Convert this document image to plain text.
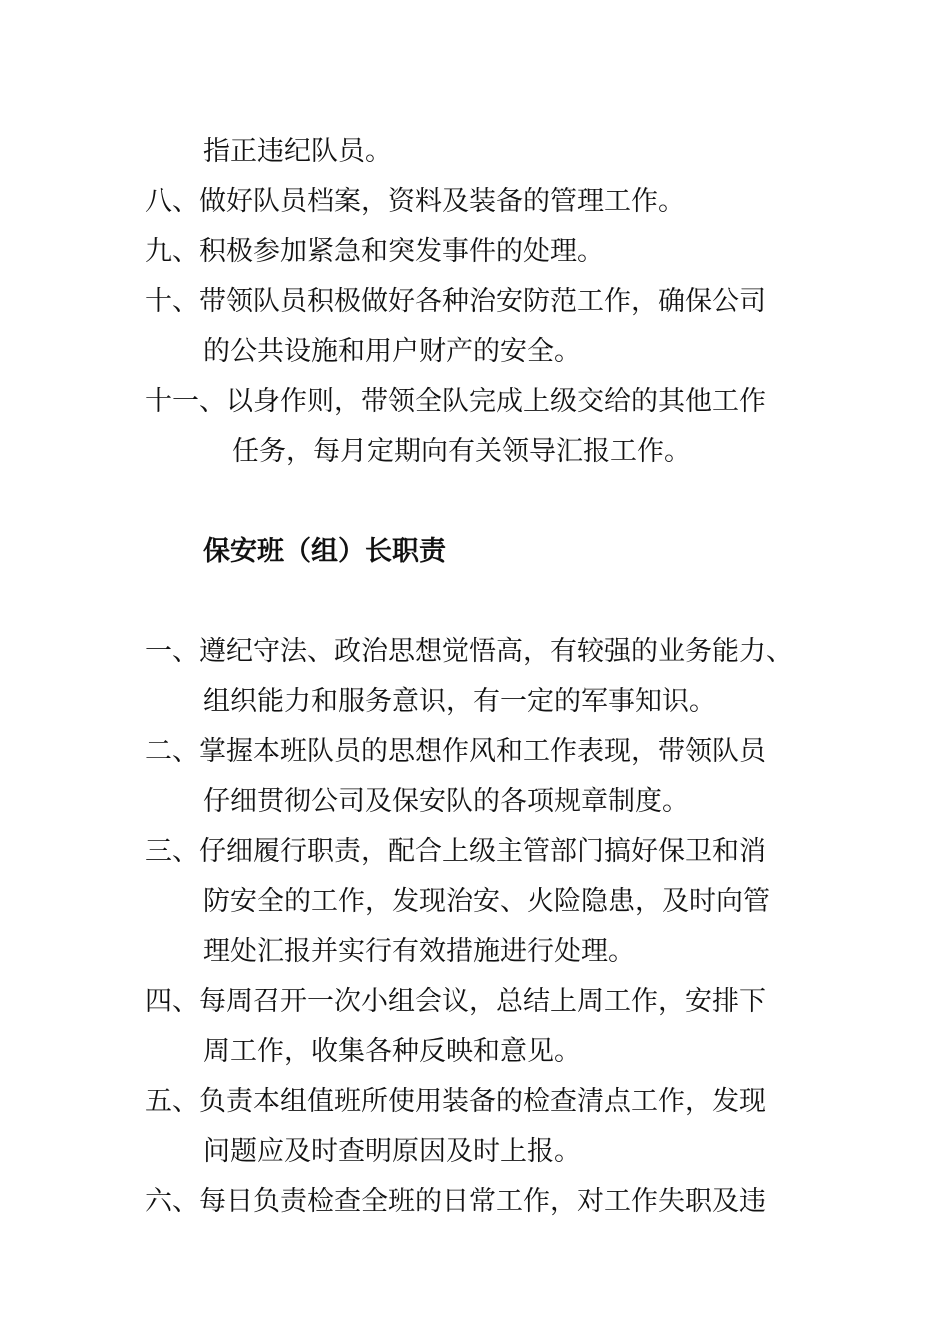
指正违纪队员。
八、做好队员档案，资料及装备的管理工作。
九、积极参加紧急和突发事件的处理。
十、带领队员积极做好各种治安防范工作，确保公司
的公共设施和用户财产的安全。
十一、以身作则，带领全队完成上级交给的其他工作
任务，每月定期向有关领导汇报工作。
保安班（组）长职责
一、遵纪守法、政治思想觉悟高，有较强的业务能力、
组织能力和服务意识，有一定的军事知识。
二、掌握本班队员的思想作风和工作表现，带领队员
仔细贯彻公司及保安队的各项规章制度。
三、仔细履行职责，配合上级主管部门搞好保卫和消
防安全的工作，发现治安、火险隐患，及时向管
理处汇报并实行有效措施进行处理。
四、每周召开一次小组会议，总结上周工作，安排下
周工作，收集各种反映和意见。
五、负责本组值班所使用装备的检查清点工作，发现
问题应及时查明原因及时上报。
六、每日负责检查全班的日常工作，对工作失职及违
